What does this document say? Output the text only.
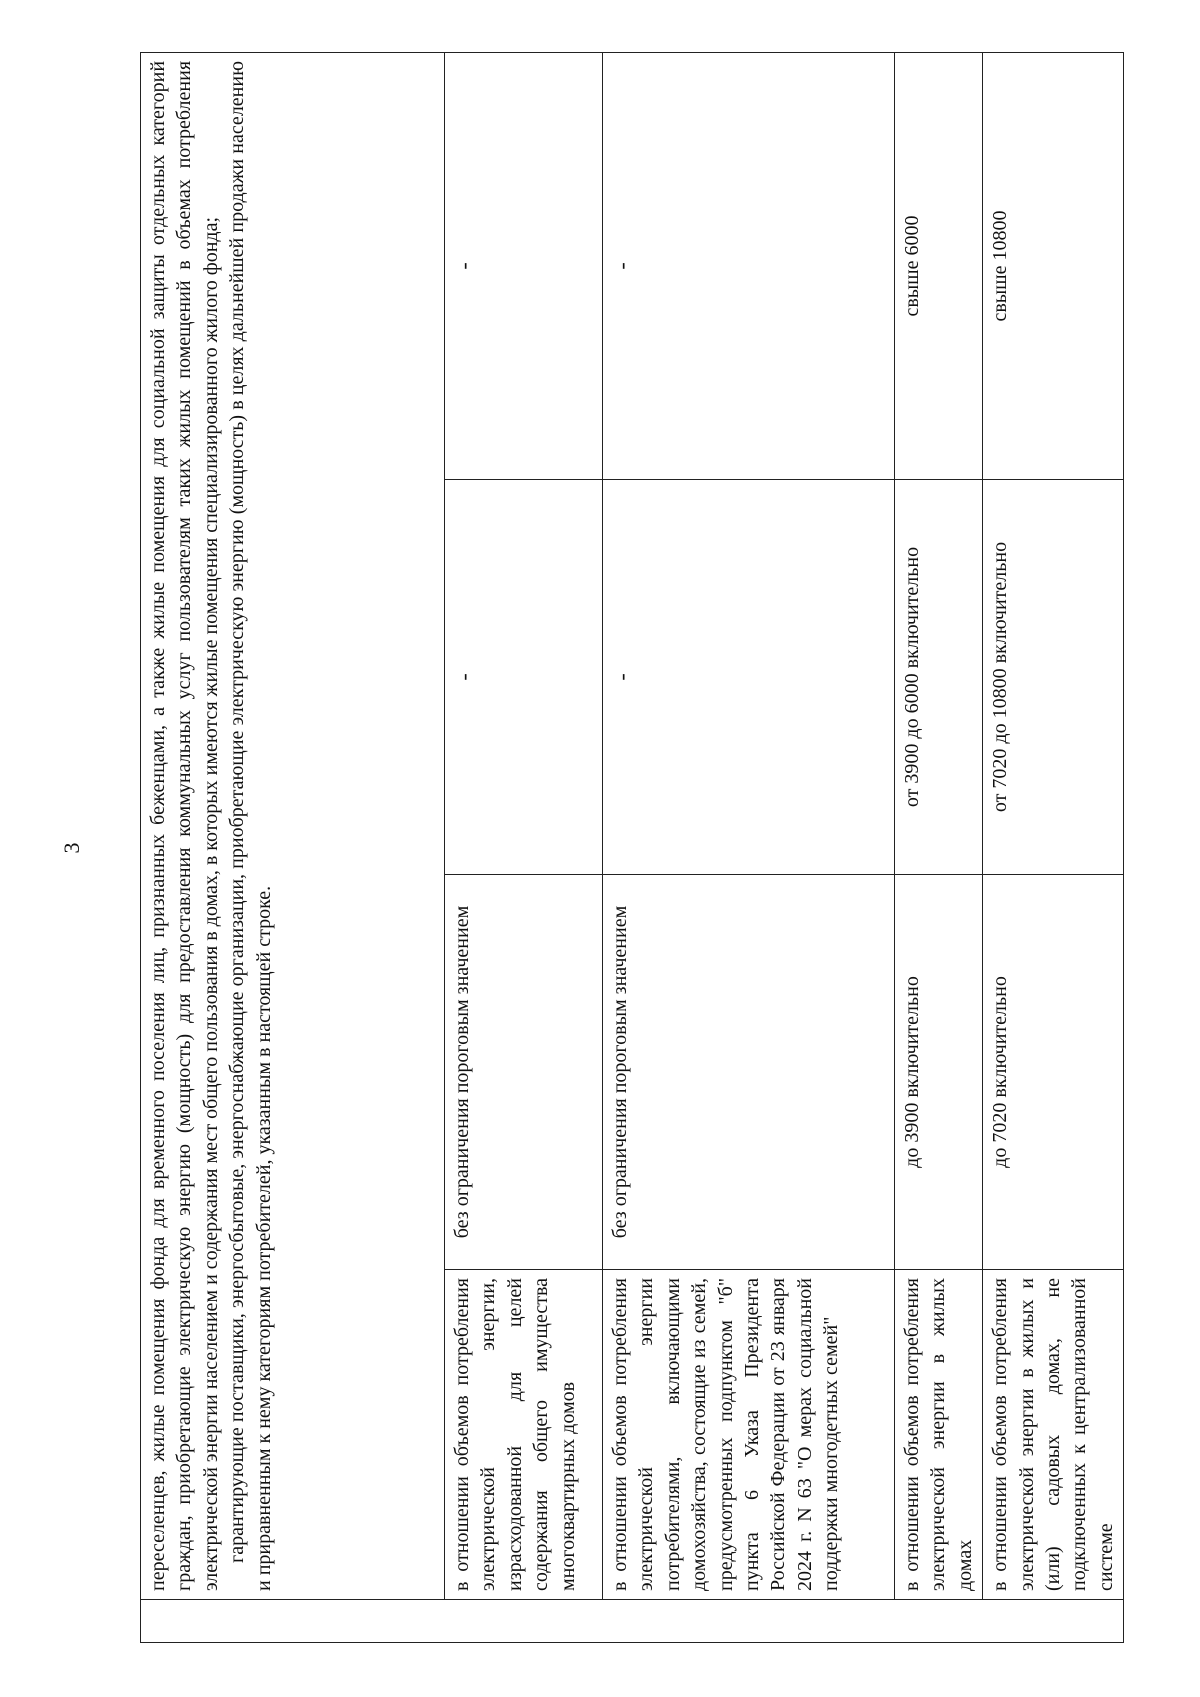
3

	переселенцев, жилые помещения фонда для временного поселения лиц, признанных беженцами, а также жилые помещения для социальной защиты отдельных категорий граждан, приобретающие электрическую энергию (мощность) для предоставления коммунальных услуг пользователям таких жилых помещений в объемах потребления электрической энергии населением и содержания мест общего пользования в домах, в которых имеются жилые помещения специализированного жилого фонда; гарантирующие поставщики, энергосбытовые, энергоснабжающие организации, приобретающие электрическую энергию (мощность) в целях дальнейшей продажи населению и приравненным к нему категориям потребителей, указанным в настоящей строке.			

	в отношении объемов потребления электрической энергии, израсходованной для целей содержания общего имущества многоквартирных домов	без ограничения пороговым значением	-	-
	в отношении объемов потребления электрической энергии потребителями, включающими домохозяйства, состоящие из семей, предусмотренных подпунктом "б" пункта 6 Указа Президента Российской Федерации от 23 января 2024 г. N 63 "О мерах социальной поддержки многодетных семей"	без ограничения пороговым значением	-	-
	в отношении объемов потребления электрической энергии в жилых домах	до 3900 включительно	от 3900 до 6000 включительно	свыше 6000
	в отношении объемов потребления электрической энергии в жилых и (или) садовых домах, не подключенных к централизованной системе	до 7020 включительно	от 7020 до 10800 включительно	свыше 10800
